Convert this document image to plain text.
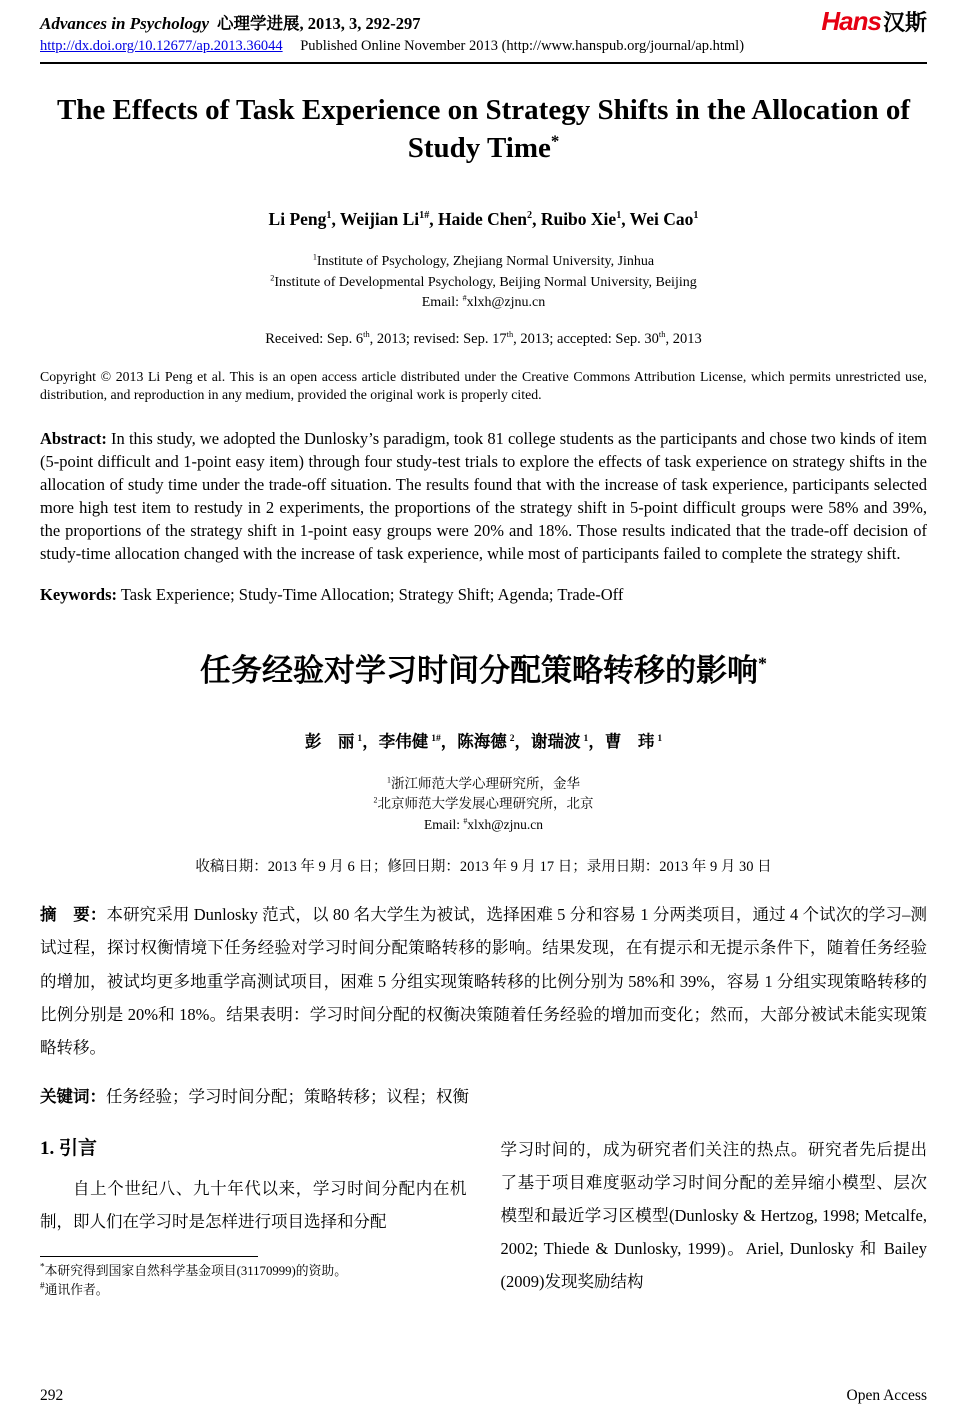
Advances in Psychology 心理学进展, 2013, 3, 292-297	Hans汉斯
http://dx.doi.org/10.12677/ap.2013.36044 Published Online November 2013 (http://www.hanspub.org/journal/ap.html)
The Effects of Task Experience on Strategy Shifts in the Allocation of Study Time*
Li Peng$^1$, Weijian $Li^{1\#}$, Haide Chen$^2$, Ruibo Xie$^1$, Wei Cao$^1$
$^1$Institute of Psychology, Zhejiang Normal University, Jinhua
$^2$Institute of Developmental Psychology, Beijing Normal University, Beijing
Email: #xlxh@zjnu.cn
Received: Sep. 6th, 2013; revised: Sep. 17th, 2013; accepted: Sep. 30th, 2013

Copyright © 2013 Li Peng et al. This is an open access article distributed under the Creative Commons Attribution License, which permits unrestricted use, distribution, and reproduction in any medium, provided the original work is properly cited.

Abstract: In this study, we adopted the Dunlosky’s paradigm, took 81 college students as the participants and chose two kinds of item (5-point difficult and 1-point easy item) through four study-test trials to explore the effects of task experience on strategy shifts in the allocation of study time under the trade-off situation. The results found that with the increase of task experience, participants selected more high test item to restudy in 2 experiments, the proportions of the strategy shift in 5-point difficult groups were 58% and 39%, the proportions of the strategy shift in 1-point easy groups were 20% and 18%. Those results indicated that the trade-off decision of study-time allocation changed with the increase of task experience, while most of participants failed to complete the strategy shift.

Keywords: Task Experience; Study-Time Allocation; Strategy Shift; Agenda; Trade-Off

任务经验对学习时间分配策略转移的影响*
彭　丽 $^1$，李伟健 $^{1\#}$，陈海德 $^2$，谢瑞波 $^1$，曹　玮 $^1$
$^1$浙江师范大学心理研究所，金华
$^2$北京师范大学发展心理研究所，北京
Email: #xlxh@zjnu.cn
收稿日期：2013 年 9 月 6 日；修回日期：2013 年 9 月 17 日；录用日期：2013 年 9 月 30 日

摘　要：本研究采用 Dunlosky 范式，以 80 名大学生为被试，选择困难 5 分和容易 1 分两类项目，通过 4 个试次的学习–测试过程，探讨权衡情境下任务经验对学习时间分配策略转移的影响。结果发现，在有提示和无提示条件下，随着任务经验的增加，被试均更多地重学高测试项目，困难 5 分组实现策略转移的比例分别为 58%和 39%，容易 1 分组实现策略转移的比例分别是 20%和 18%。结果表明：学习时间分配的权衡决策随着任务经验的增加而变化；然而，大部分被试未能实现策略转移。

关键词：任务经验；学习时间分配；策略转移；议程；权衡

1. 引言

自上个世纪八、九十年代以来，学习时间分配内在机制，即人们在学习时是怎样进行项目选择和分配

*本研究得到国家自然科学基金项目(31170999)的资助。
#通讯作者。

学习时间的，成为研究者们关注的热点。研究者先后提出了基于项目难度驱动学习时间分配的差异缩小模型、层次模型和最近学习区模型(Dunlosky & Hertzog, 1998; Metcalfe, 2002; Thiede & Dunlosky, 1999)。Ariel, Dunlosky 和 Bailey (2009)发现奖励结构

292	Open Access
